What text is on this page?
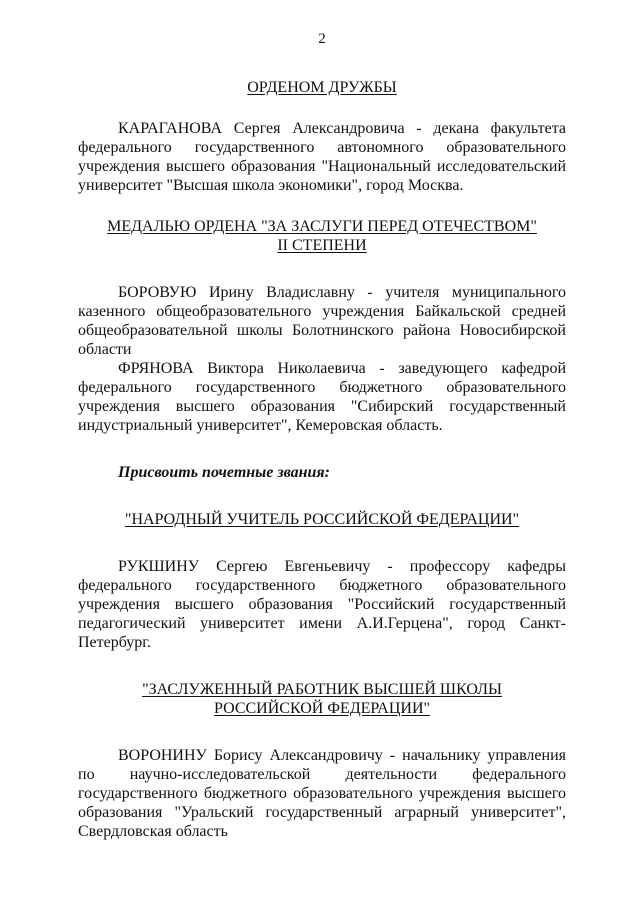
2
ОРДЕНОМ ДРУЖБЫ

КАРАГАНОВА Сергея Александровича - декана факультета федерального государственного автономного образовательного учреждения высшего образования "Национальный исследовательский университет "Высшая школа экономики", город Москва.

МЕДАЛЬЮ ОРДЕНА "ЗА ЗАСЛУГИ ПЕРЕД ОТЕЧЕСТВОМ"
II СТЕПЕНИ

БОРОВУЮ Ирину Владиславну - учителя муниципального казенного общеобразовательного учреждения Байкальской средней общеобразовательной школы Болотнинского района Новосибирской области

ФРЯНОВА Виктора Николаевича - заведующего кафедрой федерального государственного бюджетного образовательного учреждения высшего образования "Сибирский государственный индустриальный университет", Кемеровская область.

Присвоить почетные звания:

"НАРОДНЫЙ УЧИТЕЛЬ РОССИЙСКОЙ ФЕДЕРАЦИИ"

РУКШИНУ Сергею Евгеньевичу - профессору кафедры федерального государственного бюджетного образовательного учреждения высшего образования "Российский государственный педагогический университет имени А.И.Герцена", город Санкт-Петербург.

"ЗАСЛУЖЕННЫЙ РАБОТНИК ВЫСШЕЙ ШКОЛЫ
РОССИЙСКОЙ ФЕДЕРАЦИИ"

ВОРОНИНУ Борису Александровичу - начальнику управления по научно-исследовательской деятельности федерального государственного бюджетного образовательного учреждения высшего образования "Уральский государственный аграрный университет", Свердловская область
